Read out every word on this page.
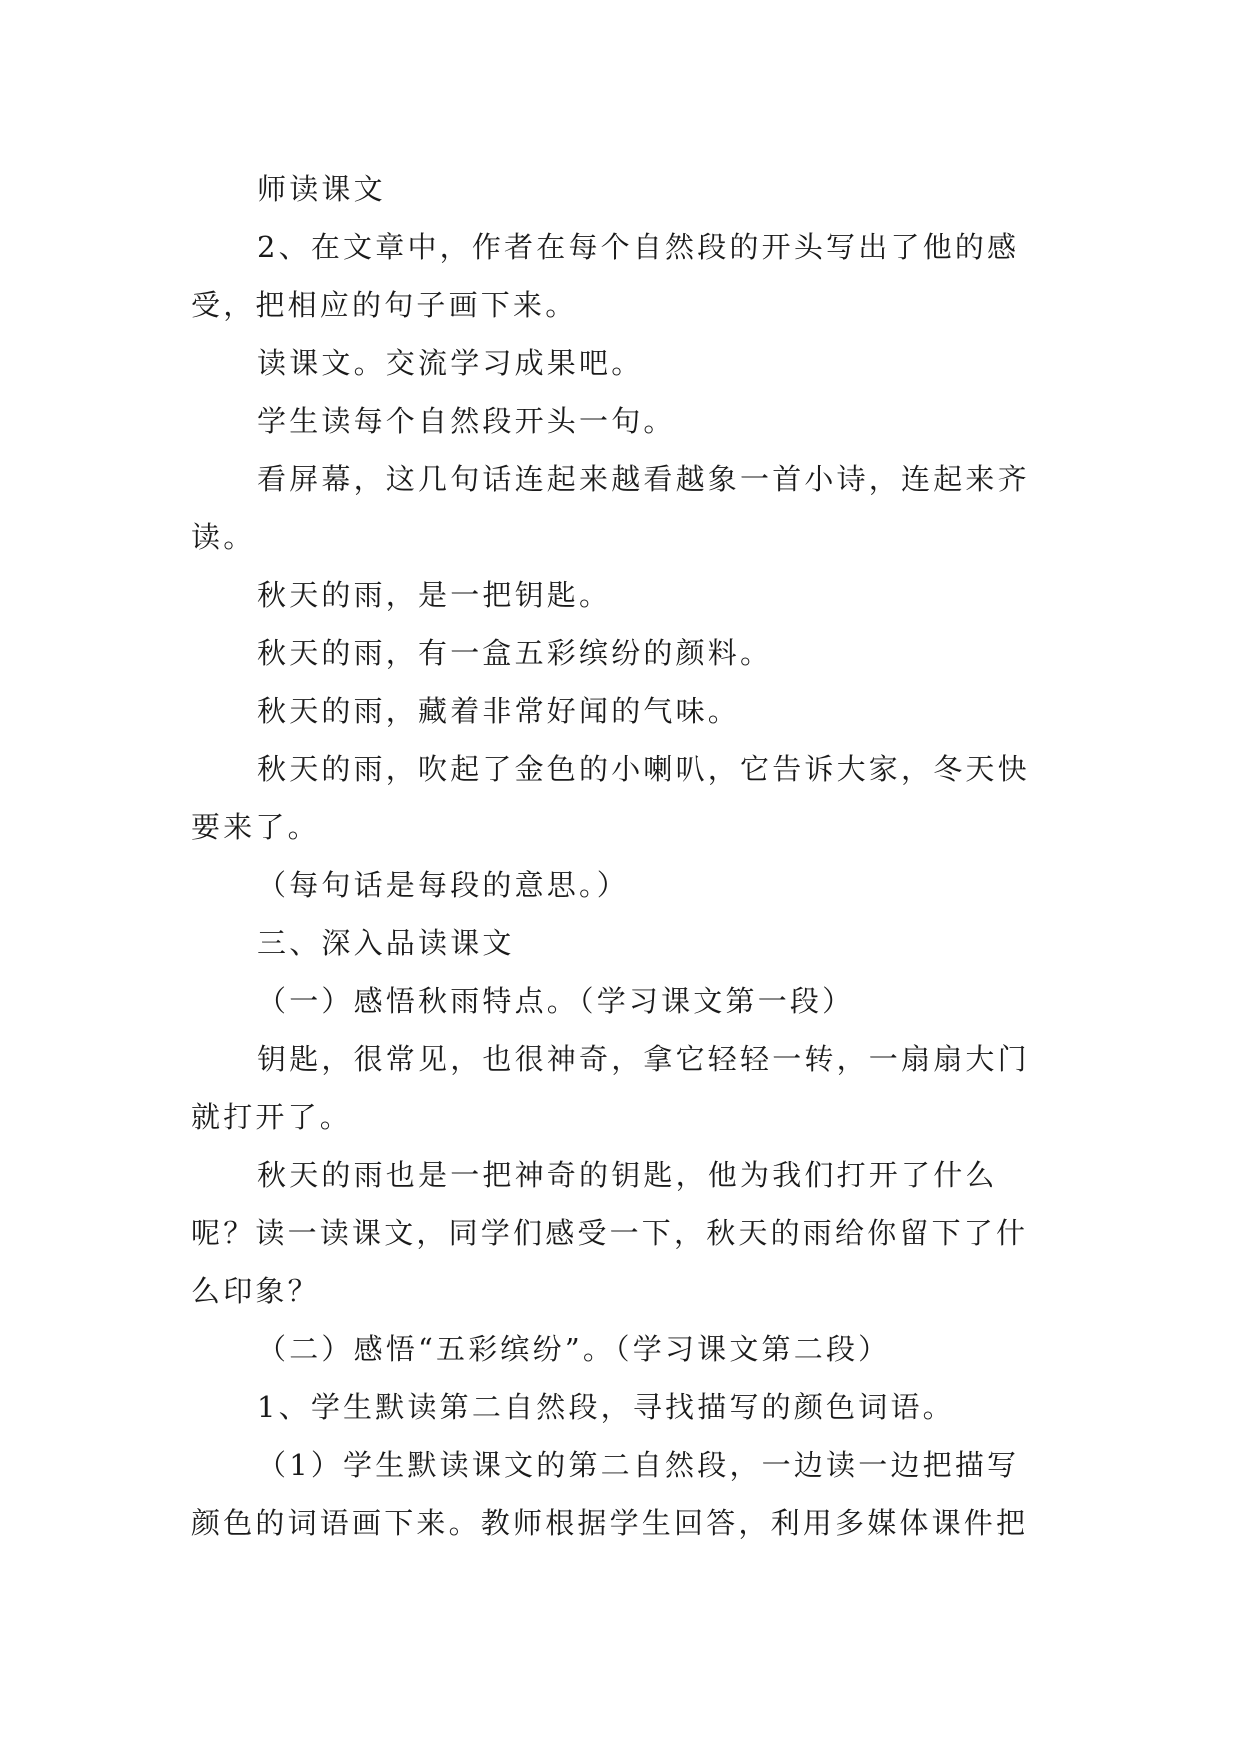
师读课文

2、在文章中，作者在每个自然段的开头写出了他的感受，把相应的句子画下来。

读课文。交流学习成果吧。

学生读每个自然段开头一句。

看屏幕，这几句话连起来越看越象一首小诗，连起来齐读。

秋天的雨，是一把钥匙。

秋天的雨，有一盒五彩缤纷的颜料。

秋天的雨，藏着非常好闻的气味。

秋天的雨，吹起了金色的小喇叭，它告诉大家，冬天快要来了。

（每句话是每段的意思。）

三、深入品读课文

（一）感悟秋雨特点。（学习课文第一段）

钥匙，很常见，也很神奇，拿它轻轻一转，一扇扇大门就打开了。

秋天的雨也是一把神奇的钥匙，他为我们打开了什么呢？读一读课文，同学们感受一下，秋天的雨给你留下了什么印象？

（二）感悟“五彩缤纷”。（学习课文第二段）

1、学生默读第二自然段，寻找描写的颜色词语。

（1）学生默读课文的第二自然段，一边读一边把描写颜色的词语画下来。教师根据学生回答，利用多媒体课件把
